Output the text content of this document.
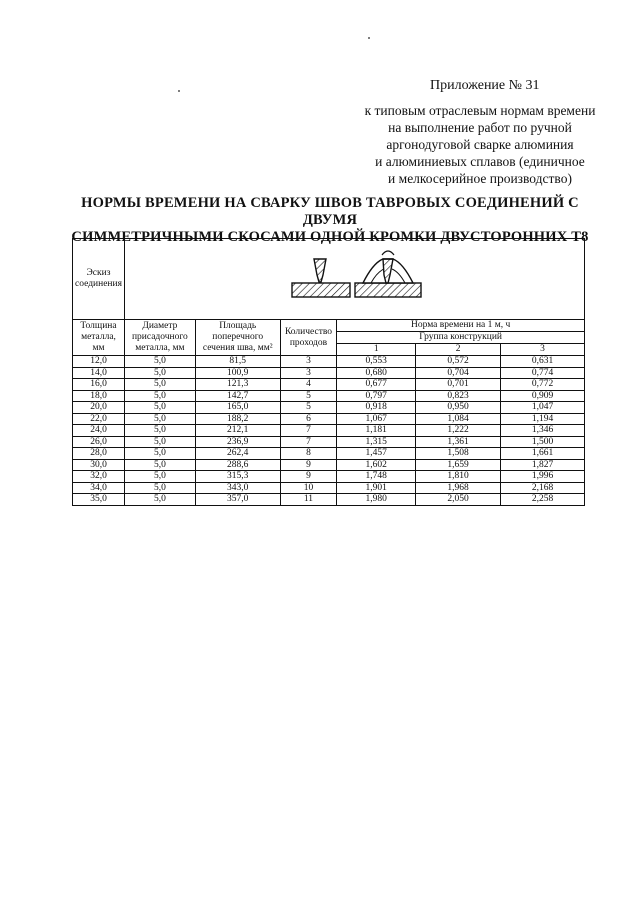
Приложение № 31
к типовым отраслевым нормам времени
на выполнение работ по ручной
аргонодуговой сварке алюминия
и алюминиевых сплавов (единичное
и мелкосерийное производство)
НОРМЫ ВРЕМЕНИ НА СВАРКУ ШВОВ ТАВРОВЫХ СОЕДИНЕНИЙ С ДВУМЯ
СИММЕТРИЧНЫМИ СКОСАМИ ОДНОЙ КРОМКИ ДВУСТОРОННИХ Т8
Эскиз соединения	
Толщина металла, мм	Диаметр присадочного металла, мм	Площадь поперечного сечения шва, мм²	Количество проходов	Норма времени на 1 м, ч		
				Группа конструкций		
				1	2	3
12,0	5,0	81,5	3	0,553	0,572	0,631
14,0	5,0	100,9	3	0,680	0,704	0,774
16,0	5,0	121,3	4	0,677	0,701	0,772
18,0	5,0	142,7	5	0,797	0,823	0,909
20,0	5,0	165,0	5	0,918	0,950	1,047
22,0	5,0	188,2	6	1,067	1,084	1,194
24,0	5,0	212,1	7	1,181	1,222	1,346
26,0	5,0	236,9	7	1,315	1,361	1,500
28,0	5,0	262,4	8	1,457	1,508	1,661
30,0	5,0	288,6	9	1,602	1,659	1,827
32,0	5,0	315,3	9	1,748	1,810	1,996
34,0	5,0	343,0	10	1,901	1,968	2,168
35,0	5,0	357,0	11	1,980	2,050	2,258
